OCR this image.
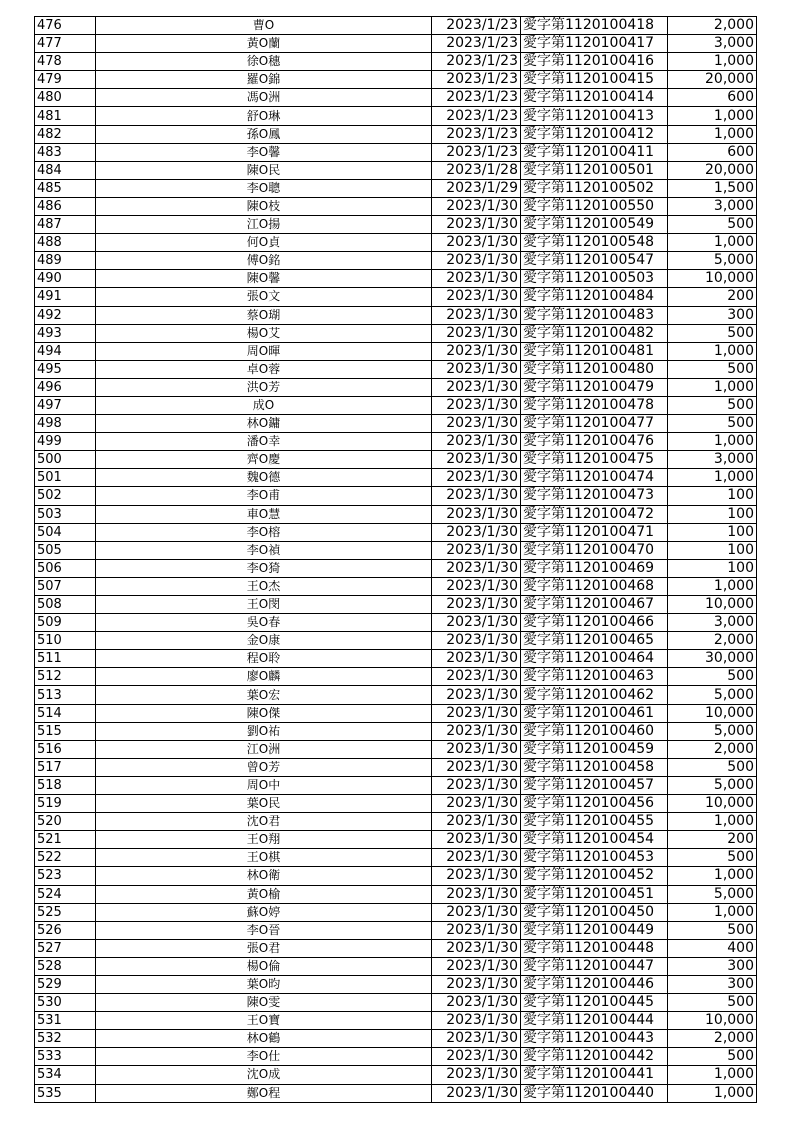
476	曹O	2023/1/23	愛字第1120100418	2,000
477	黃O蘭	2023/1/23	愛字第1120100417	3,000
478	徐O穗	2023/1/23	愛字第1120100416	1,000
479	羅O錦	2023/1/23	愛字第1120100415	20,000
480	馮O洲	2023/1/23	愛字第1120100414	600
481	舒O琳	2023/1/23	愛字第1120100413	1,000
482	孫O鳳	2023/1/23	愛字第1120100412	1,000
483	李O馨	2023/1/23	愛字第1120100411	600
484	陳O民	2023/1/28	愛字第1120100501	20,000
485	李O聰	2023/1/29	愛字第1120100502	1,500
486	陳O枝	2023/1/30	愛字第1120100550	3,000
487	江O揚	2023/1/30	愛字第1120100549	500
488	何O貞	2023/1/30	愛字第1120100548	1,000
489	傅O銘	2023/1/30	愛字第1120100547	5,000
490	陳O馨	2023/1/30	愛字第1120100503	10,000
491	張O文	2023/1/30	愛字第1120100484	200
492	蔡O瑚	2023/1/30	愛字第1120100483	300
493	楊O艾	2023/1/30	愛字第1120100482	500
494	周O暉	2023/1/30	愛字第1120100481	1,000
495	卓O蓉	2023/1/30	愛字第1120100480	500
496	洪O芳	2023/1/30	愛字第1120100479	1,000
497	成O	2023/1/30	愛字第1120100478	500
498	林O鏞	2023/1/30	愛字第1120100477	500
499	潘O幸	2023/1/30	愛字第1120100476	1,000
500	齊O慶	2023/1/30	愛字第1120100475	3,000
501	魏O德	2023/1/30	愛字第1120100474	1,000
502	李O甫	2023/1/30	愛字第1120100473	100
503	車O慧	2023/1/30	愛字第1120100472	100
504	李O榕	2023/1/30	愛字第1120100471	100
505	李O禎	2023/1/30	愛字第1120100470	100
506	李O猗	2023/1/30	愛字第1120100469	100
507	王O杰	2023/1/30	愛字第1120100468	1,000
508	王O閔	2023/1/30	愛字第1120100467	10,000
509	吳O春	2023/1/30	愛字第1120100466	3,000
510	金O康	2023/1/30	愛字第1120100465	2,000
511	程O聆	2023/1/30	愛字第1120100464	30,000
512	廖O麟	2023/1/30	愛字第1120100463	500
513	葉O宏	2023/1/30	愛字第1120100462	5,000
514	陳O傑	2023/1/30	愛字第1120100461	10,000
515	劉O祐	2023/1/30	愛字第1120100460	5,000
516	江O洲	2023/1/30	愛字第1120100459	2,000
517	曾O芳	2023/1/30	愛字第1120100458	500
518	周O中	2023/1/30	愛字第1120100457	5,000
519	葉O民	2023/1/30	愛字第1120100456	10,000
520	沈O君	2023/1/30	愛字第1120100455	1,000
521	王O翔	2023/1/30	愛字第1120100454	200
522	王O棋	2023/1/30	愛字第1120100453	500
523	林O衛	2023/1/30	愛字第1120100452	1,000
524	黃O榆	2023/1/30	愛字第1120100451	5,000
525	蘇O婷	2023/1/30	愛字第1120100450	1,000
526	李O晉	2023/1/30	愛字第1120100449	500
527	張O君	2023/1/30	愛字第1120100448	400
528	楊O倫	2023/1/30	愛字第1120100447	300
529	葉O昀	2023/1/30	愛字第1120100446	300
530	陳O雯	2023/1/30	愛字第1120100445	500
531	王O寶	2023/1/30	愛字第1120100444	10,000
532	林O鶴	2023/1/30	愛字第1120100443	2,000
533	李O仕	2023/1/30	愛字第1120100442	500
534	沈O成	2023/1/30	愛字第1120100441	1,000
535	鄭O程	2023/1/30	愛字第1120100440	1,000
